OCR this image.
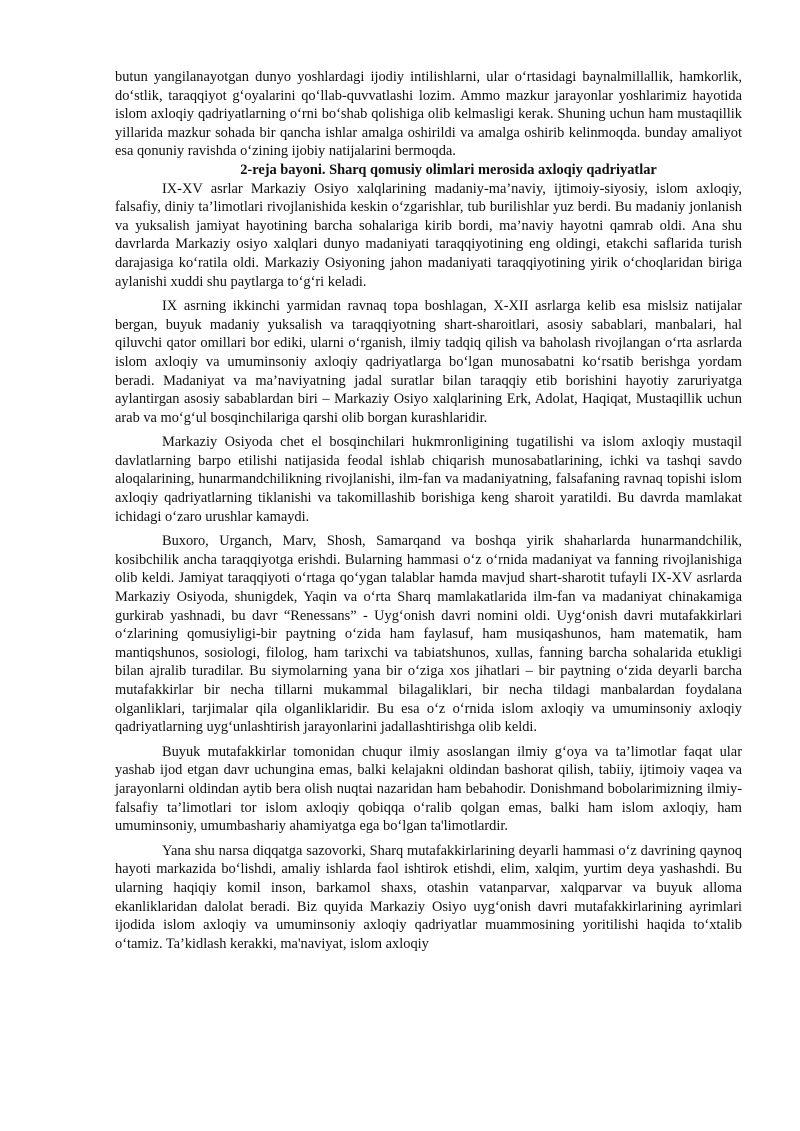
butun yangilanayotgan dunyo yoshlardagi ijodiy intilishlarni, ular o‘rtasidagi baynalmillallik, hamkorlik, do‘stlik, taraqqiyot g‘oyalarini qo‘llab-quvvatlashi lozim. Ammo mazkur jarayonlar yoshlarimiz hayotida islom axloqiy qadriyatlarning o‘rni bo‘shab qolishiga olib kelmasligi kerak. Shuning uchun ham mustaqillik yillarida mazkur sohada bir qancha ishlar amalga oshirildi va amalga oshirib kelinmoqda. bunday amaliyot esa qonuniy ravishda o‘zining ijobiy natijalarini bermoqda.

2-reja bayoni. Sharq qomusiy olimlari merosida axloqiy qadriyatlar

IX-XV asrlar Markaziy Osiyo xalqlarining madaniy-ma’naviy, ijtimoiy-siyosiy, islom axloqiy, falsafiy, diniy ta’limotlari rivojlanishida keskin o‘zgarishlar, tub burilishlar yuz berdi. Bu madaniy jonlanish va yuksalish jamiyat hayotining barcha sohalariga kirib bordi, ma’naviy hayotni qamrab oldi. Ana shu davrlarda Markaziy osiyo xalqlari dunyo madaniyati taraqqiyotining eng oldingi, etakchi saflarida turish darajasiga ko‘ratila oldi. Markaziy Osiyoning jahon madaniyati taraqqiyotining yirik o‘choqlaridan biriga aylanishi xuddi shu paytlarga to‘g‘ri keladi.

IX asrning ikkinchi yarmidan ravnaq topa boshlagan, X-XII asrlarga kelib esa mislsiz natijalar bergan, buyuk madaniy yuksalish va taraqqiyotning shart-sharoitlari, asosiy sabablari, manbalari, hal qiluvchi qator omillari bor ediki, ularni o‘rganish, ilmiy tadqiq qilish va baholash rivojlangan o‘rta asrlarda islom axloqiy va umuminsoniy axloqiy qadriyatlarga bo‘lgan munosabatni ko‘rsatib berishga yordam beradi. Madaniyat va ma’naviyatning jadal suratlar bilan taraqqiy etib borishini hayotiy zaruriyatga aylantirgan asosiy sabablardan biri – Markaziy Osiyo xalqlarining Erk, Adolat, Haqiqat, Mustaqillik uchun arab va mo‘g‘ul bosqinchilariga qarshi olib borgan kurashlaridir.

Markaziy Osiyoda chet el bosqinchilari hukmronligining tugatilishi va islom axloqiy mustaqil davlatlarning barpo etilishi natijasida feodal ishlab chiqarish munosabatlarining, ichki va tashqi savdo aloqalarining, hunarmandchilikning rivojlanishi, ilm-fan va madaniyatning, falsafaning ravnaq topishi islom axloqiy qadriyatlarning tiklanishi va takomillashib borishiga keng sharoit yaratildi. Bu davrda mamlakat ichidagi o‘zaro urushlar kamaydi.

Buxoro, Urganch, Marv, Shosh, Samarqand va boshqa yirik shaharlarda hunarmandchilik, kosibchilik ancha taraqqiyotga erishdi. Bularning hammasi o‘z o‘rnida madaniyat va fanning rivojlanishiga olib keldi. Jamiyat taraqqiyoti o‘rtaga qo‘ygan talablar hamda mavjud shart-sharotit tufayli IX-XV asrlarda Markaziy Osiyoda, shunigdek, Yaqin va o‘rta Sharq mamlakatlarida ilm-fan va madaniyat chinakamiga gurkirab yashnadi, bu davr “Renessans” - Uyg‘onish davri nomini oldi. Uyg‘onish davri mutafakkirlari o‘zlarining qomusiyligi-bir paytning o‘zida ham faylasuf, ham musiqashunos, ham matematik, ham mantiqshunos, sosiologi, filolog, ham tarixchi va tabiatshunos, xullas, fanning barcha sohalarida etukligi bilan ajralib turadilar. Bu siymolarning yana bir o‘ziga xos jihatlari – bir paytning o‘zida deyarli barcha mutafakkirlar bir necha tillarni mukammal bilagaliklari, bir necha tildagi manbalardan foydalana olganliklari, tarjimalar qila olganliklaridir. Bu esa o‘z o‘rnida islom axloqiy va umuminsoniy axloqiy qadriyatlarning uyg‘unlashtirish jarayonlarini jadallashtirishga olib keldi.

Buyuk mutafakkirlar tomonidan chuqur ilmiy asoslangan ilmiy g‘oya va ta’limotlar faqat ular yashab ijod etgan davr uchungina emas, balki kelajakni oldindan bashorat qilish, tabiiy, ijtimoiy vaqea va jarayonlarni oldindan aytib bera olish nuqtai nazaridan ham bebahodir. Donishmand bobolarimizning ilmiy-falsafiy ta’limotlari tor islom axloqiy qobiqqa o‘ralib qolgan emas, balki ham islom axloqiy, ham umuminsoniy, umumbashariy ahamiyatga ega bo‘lgan ta'limotlardir.

Yana shu narsa diqqatga sazovorki, Sharq mutafakkirlarining deyarli hammasi o‘z davrining qaynoq hayoti markazida bo‘lishdi, amaliy ishlarda faol ishtirok etishdi, elim, xalqim, yurtim deya yashashdi. Bu ularning haqiqiy komil inson, barkamol shaxs, otashin vatanparvar, xalqparvar va buyuk alloma ekanliklaridan dalolat beradi. Biz quyida Markaziy Osiyo uyg‘onish davri mutafakkirlarining ayrimlari ijodida islom axloqiy va umuminsoniy axloqiy qadriyatlar muammosining yoritilishi haqida to‘xtalib o‘tamiz. Ta’kidlash kerakki, ma'naviyat, islom axloqiy
